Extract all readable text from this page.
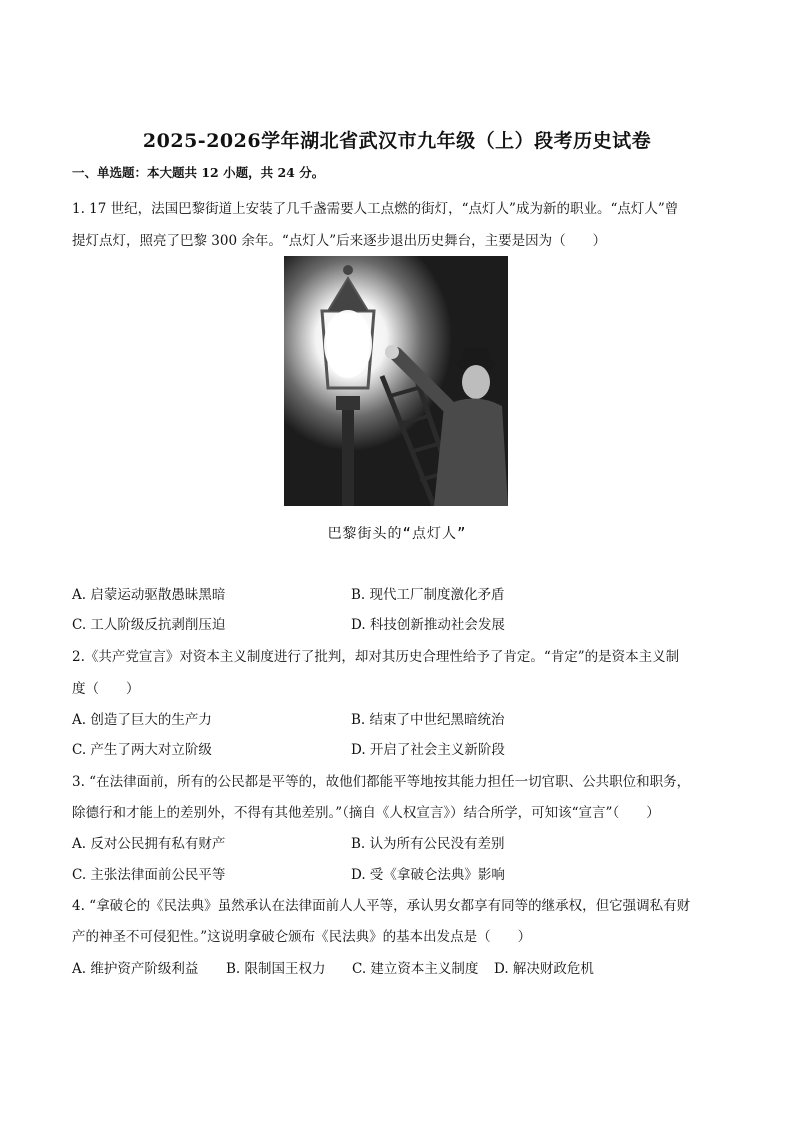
2025-2026学年湖北省武汉市九年级（上）段考历史试卷
一、单选题：本大题共 12 小题，共 24 分。
1. 17 世纪，法国巴黎街道上安装了几千盏需要人工点燃的街灯，“点灯人”成为新的职业。“点灯人”曾
提灯点灯，照亮了巴黎 300 余年。“点灯人”后来逐步退出历史舞台，主要是因为（　　）
巴黎街头的“点灯人”
A. 启蒙运动驱散愚昧黑暗	B. 现代工厂制度激化矛盾
C. 工人阶级反抗剥削压迫	D. 科技创新推动社会发展
2.《共产党宣言》对资本主义制度进行了批判，却对其历史合理性给予了肯定。“肯定”的是资本主义制
度（　　）
A. 创造了巨大的生产力	B. 结束了中世纪黑暗统治
C. 产生了两大对立阶级	D. 开启了社会主义新阶段
3. “在法律面前，所有的公民都是平等的，故他们都能平等地按其能力担任一切官职、公共职位和职务，
除德行和才能上的差别外，不得有其他差别。”（摘自《人权宣言》）结合所学，可知该“宣言”（　　）
A. 反对公民拥有私有财产	B. 认为所有公民没有差别
C. 主张法律面前公民平等	D. 受《拿破仑法典》影响
4. “拿破仑的《民法典》虽然承认在法律面前人人平等，承认男女都享有同等的继承权，但它强调私有财
产的神圣不可侵犯性。”这说明拿破仑颁布《民法典》的基本出发点是（　　）
A. 维护资产阶级利益 B. 限制国王权力 C. 建立资本主义制度 D. 解决财政危机
